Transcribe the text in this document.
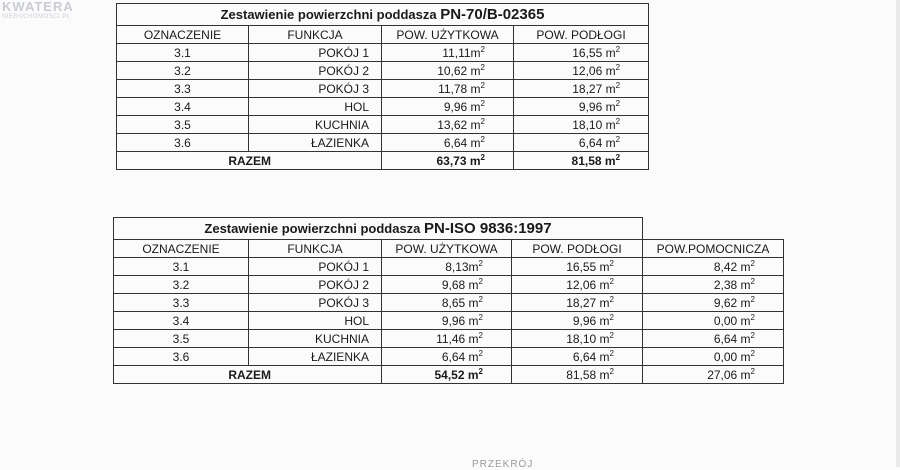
KWATERA
NIERUCHOMOSCI.PL	Zestawienie powierzchni poddasza PN-70/B-02365			
OZNACZENIE	FUNKCJA	POW. UŻYTKOWA	POW. PODŁOGI
3.1	POKÓJ 1	$11,11m^2$	16,55 $m^2$
3.2	POKÓJ 2	10,62 $m^2$	12,06 $m^2$
3.3	POKÓJ 3	11,78 $m^2$	18,27 $m^2$
3.4	HOL	9,96 $m^2$	9,96 $m^2$
3.5	KUCHNIA	13,62 $m^2$	18,10 $m^2$
3.6	ŁAZIENKA	6,64 $m^2$	6,64 $m^2$
RAZEM		63,73 $m^2$	81,58 $m^2$
Zestawienie powierzchni poddasza PN-ISO 9836:1997				
OZNACZENIE	FUNKCJA	POW. UŻYTKOWA	POW. PODŁOGI	POW.POMOCNICZA
3.1	POKÓJ 1	$8,13m^2$	16,55 $m^2$	8,42 $m^2$
3.2	POKÓJ 2	9,68 $m^2$	12,06 $m^2$	2,38 $m^2$
3.3	POKÓJ 3	8,65 $m^2$	18,27 $m^2$	9,62 $m^2$
3.4	HOL	9,96 $m^2$	9,96 $m^2$	0,00 $m^2$
3.5	KUCHNIA	11,46 $m^2$	18,10 $m^2$	6,64 $m^2$
3.6	ŁAZIENKA	6,64 $m^2$	6,64 $m^2$	0,00 $m^2$
RAZEM		54,52 $m^2$	81,58 $m^2$	27,06 $m^2$
PRZEKRÓJ
